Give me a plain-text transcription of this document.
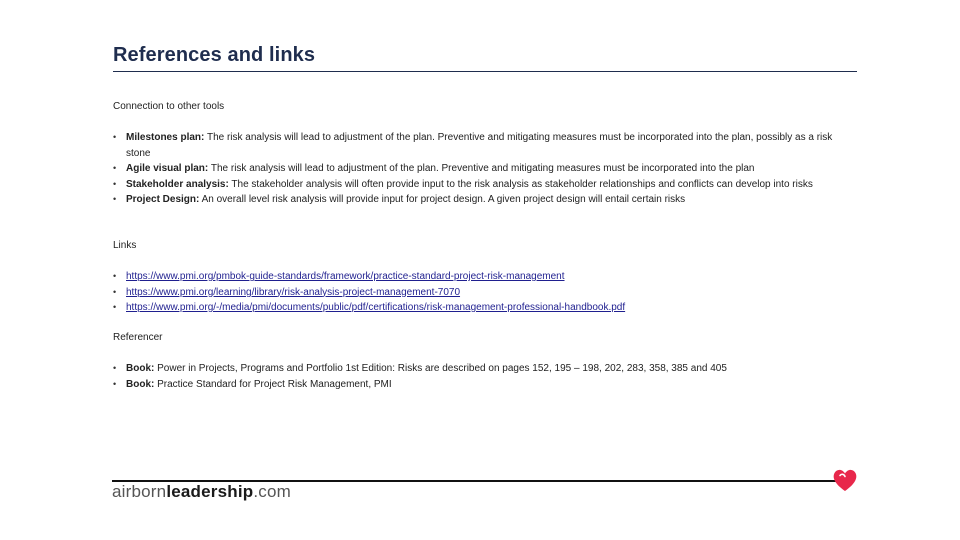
References and links
Connection to other tools
• Milestones plan: The risk analysis will lead to adjustment of the plan. Preventive and mitigating measures must be incorporated into the plan, possibly as a risk stone
• Agile visual plan: The risk analysis will lead to adjustment of the plan. Preventive and mitigating measures must be incorporated into the plan
• Stakeholder analysis: The stakeholder analysis will often provide input to the risk analysis as stakeholder relationships and conflicts can develop into risks
• Project Design: An overall level risk analysis will provide input for project design. A given project design will entail certain risks
Links
• https://www.pmi.org/pmbok-guide-standards/framework/practice-standard-project-risk-management
• https://www.pmi.org/learning/library/risk-analysis-project-management-7070
• https://www.pmi.org/-/media/pmi/documents/public/pdf/certifications/risk-management-professional-handbook.pdf
Referencer
• Book: Power in Projects, Programs and Portfolio 1st Edition: Risks are described on pages 152, 195 – 198, 202, 283, 358, 385 and 405
• Book: Practice Standard for Project Risk Management, PMI
airbornleadership.com
